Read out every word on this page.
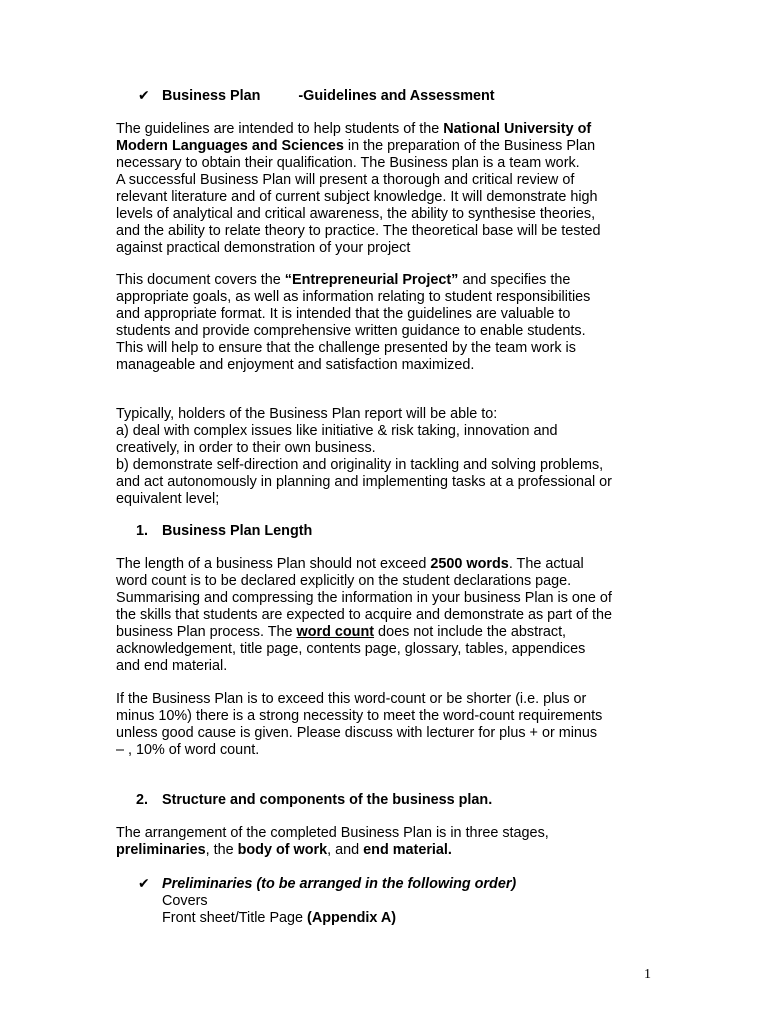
✔ Business Plan	-Guidelines and Assessment
The guidelines are intended to help students of the National University of
Modern Languages and Sciences in the preparation of the Business Plan
necessary to obtain their qualification. The Business plan is a team work.
A successful Business Plan will present a thorough and critical review of
relevant literature and of current subject knowledge. It will demonstrate high
levels of analytical and critical awareness, the ability to synthesise theories,
and the ability to relate theory to practice. The theoretical base will be tested
against practical demonstration of your project
This document covers the “Entrepreneurial Project” and specifies the
appropriate goals, as well as information relating to student responsibilities
and appropriate format. It is intended that the guidelines are valuable to
students and provide comprehensive written guidance to enable students.
This will help to ensure that the challenge presented by the team work is
manageable and enjoyment and satisfaction maximized.
Typically, holders of the Business Plan report will be able to:
a) deal with complex issues like initiative & risk taking, innovation and
creatively, in order to their own business.
b) demonstrate self-direction and originality in tackling and solving problems,
and act autonomously in planning and implementing tasks at a professional or
equivalent level;
1. Business Plan Length
The length of a business Plan should not exceed 2500 words. The actual
word count is to be declared explicitly on the student declarations page.
Summarising and compressing the information in your business Plan is one of
the skills that students are expected to acquire and demonstrate as part of the
business Plan process. The word count does not include the abstract,
acknowledgement, title page, contents page, glossary, tables, appendices
and end material.
If the Business Plan is to exceed this word-count or be shorter (i.e. plus or
minus 10%) there is a strong necessity to meet the word-count requirements
unless good cause is given. Please discuss with lecturer for plus + or minus
– , 10% of word count.
2. Structure and components of the business plan.
The arrangement of the completed Business Plan is in three stages,
preliminaries, the body of work, and end material.
✔ Preliminaries (to be arranged in the following order)
Covers
Front sheet/Title Page (Appendix A)
1
